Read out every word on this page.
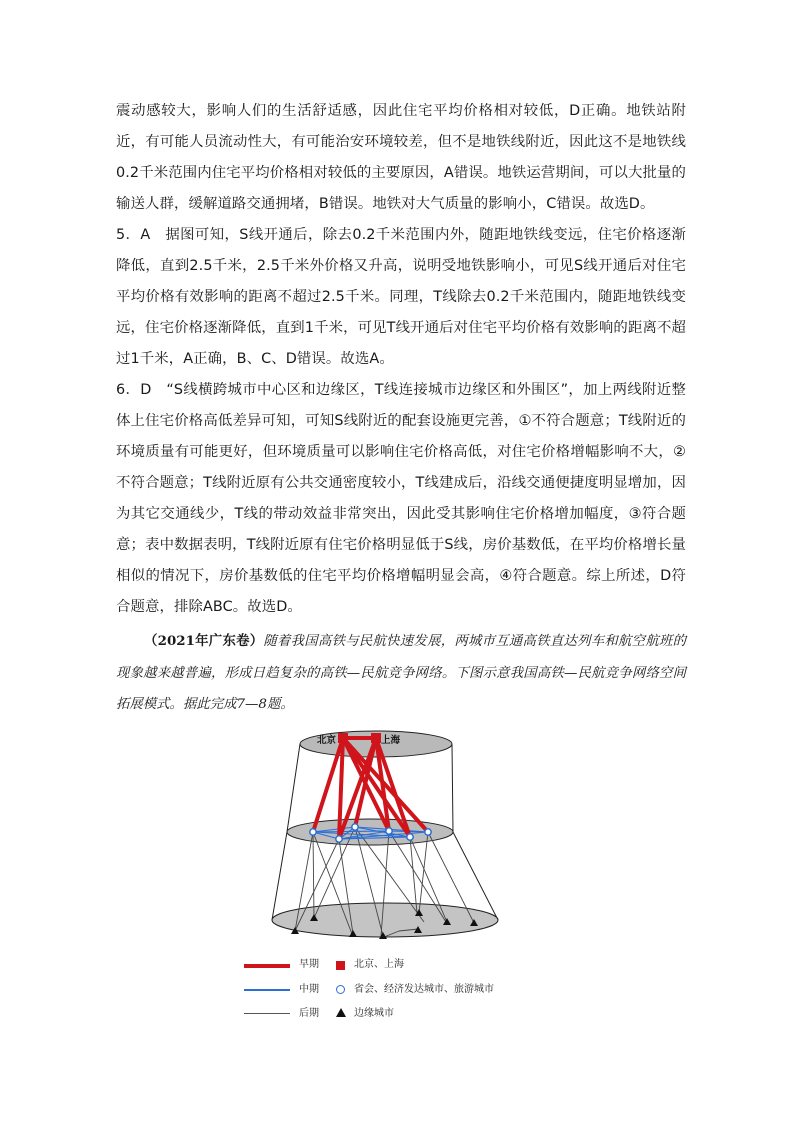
震动感较大，影响人们的生活舒适感，因此住宅平均价格相对较低，D正确。地铁站附近，有可能人员流动性大，有可能治安环境较差，但不是地铁线附近，因此这不是地铁线0.2千米范围内住宅平均价格相对较低的主要原因，A错误。地铁运营期间，可以大批量的输送人群，缓解道路交通拥堵，B错误。地铁对大气质量的影响小，C错误。故选D。

5．A　据图可知，S线开通后，除去0.2千米范围内外，随距地铁线变远，住宅价格逐渐降低，直到2.5千米，2.5千米外价格又升高，说明受地铁影响小，可见S线开通后对住宅平均价格有效影响的距离不超过2.5千米。同理，T线除去0.2千米范围内，随距地铁线变远，住宅价格逐渐降低，直到1千米，可见T线开通后对住宅平均价格有效影响的距离不超过1千米，A正确，B、C、D错误。故选A。

6．D　“S线横跨城市中心区和边缘区，T线连接城市边缘区和外围区”，加上两线附近整体上住宅价格高低差异可知，可知S线附近的配套设施更完善，①不符合题意；T线附近的环境质量有可能更好，但环境质量可以影响住宅价格高低，对住宅价格增幅影响不大，②不符合题意；T线附近原有公共交通密度较小，T线建成后，沿线交通便捷度明显增加，因为其它交通线少，T线的带动效益非常突出，因此受其影响住宅价格增加幅度，③符合题意；表中数据表明，T线附近原有住宅价格明显低于S线，房价基数低，在平均价格增长量相似的情况下，房价基数低的住宅平均价格增幅明显会高，④符合题意。综上所述，D符合题意，排除ABC。故选D。

（2021年广东卷）随着我国高铁与民航快速发展，两城市互通高铁直达列车和航空航班的现象越来越普遍，形成日趋复杂的高铁—民航竞争网络。下图示意我国高铁—民航竞争网络空间拓展模式。据此完成7—8题。
北京	上海
早期	北京、上海
中期	省会、经济发达城市、旅游城市
后期	边缘城市
